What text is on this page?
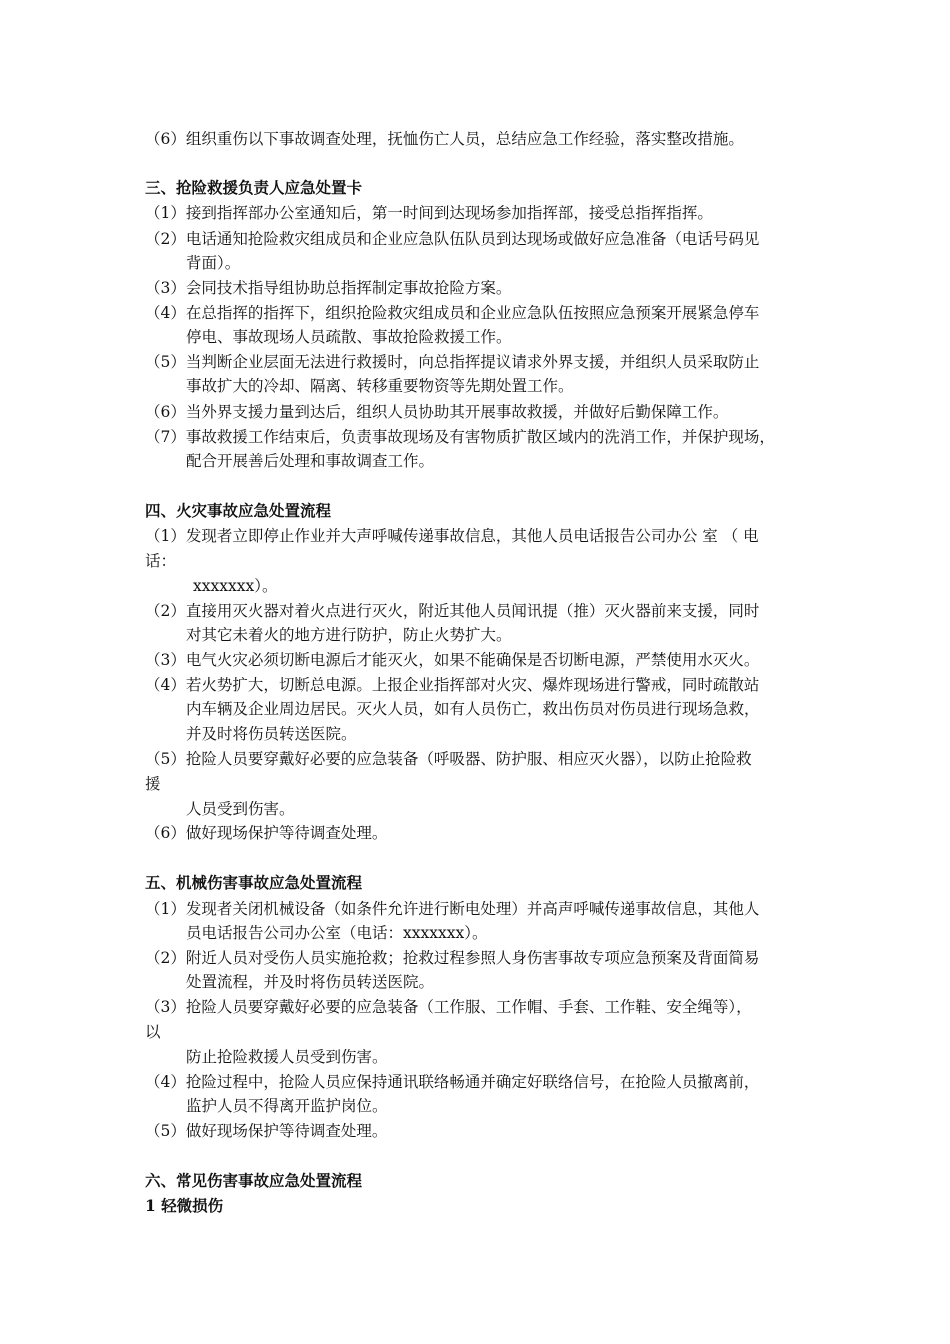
（6）组织重伤以下事故调查处理，抚恤伤亡人员，总结应急工作经验，落实整改措施。
三、抢险救援负责人应急处置卡
（1）接到指挥部办公室通知后，第一时间到达现场参加指挥部，接受总指挥指挥。
（2）电话通知抢险救灾组成员和企业应急队伍队员到达现场或做好应急准备（电话号码见
背面）。
（3）会同技术指导组协助总指挥制定事故抢险方案。
（4）在总指挥的指挥下，组织抢险救灾组成员和企业应急队伍按照应急预案开展紧急停车
停电、事故现场人员疏散、事故抢险救援工作。
（5）当判断企业层面无法进行救援时，向总指挥提议请求外界支援，并组织人员采取防止
事故扩大的冷却、隔离、转移重要物资等先期处置工作。
（6）当外界支援力量到达后，组织人员协助其开展事故救援，并做好后勤保障工作。
（7）事故救援工作结束后，负责事故现场及有害物质扩散区域内的洗消工作，并保护现场，
配合开展善后处理和事故调查工作。
四、火灾事故应急处置流程
（1）发现者立即停止作业并大声呼喊传递事故信息，其他人员电话报告公司办公 室 （ 电
话：
xxxxxxx）。
（2）直接用灭火器对着火点进行灭火，附近其他人员闻讯提（推）灭火器前来支援，同时
对其它未着火的地方进行防护，防止火势扩大。
（3）电气火灾必须切断电源后才能灭火，如果不能确保是否切断电源，严禁使用水灭火。
（4）若火势扩大，切断总电源。上报企业指挥部对火灾、爆炸现场进行警戒，同时疏散站
内车辆及企业周边居民。灭火人员，如有人员伤亡，救出伤员对伤员进行现场急救，
并及时将伤员转送医院。
（5）抢险人员要穿戴好必要的应急装备（呼吸器、防护服、相应灭火器），以防止抢险救
援
人员受到伤害。
（6）做好现场保护等待调查处理。
五、机械伤害事故应急处置流程
（1）发现者关闭机械设备（如条件允许进行断电处理）并高声呼喊传递事故信息，其他人
员电话报告公司办公室（电话：xxxxxxx）。
（2）附近人员对受伤人员实施抢救；抢救过程参照人身伤害事故专项应急预案及背面简易
处置流程，并及时将伤员转送医院。
（3）抢险人员要穿戴好必要的应急装备（工作服、工作帽、手套、工作鞋、安全绳等），
以
防止抢险救援人员受到伤害。
（4）抢险过程中，抢险人员应保持通讯联络畅通并确定好联络信号，在抢险人员撤离前，
监护人员不得离开监护岗位。
（5）做好现场保护等待调查处理。
六、常见伤害事故应急处置流程
1 轻微损伤
